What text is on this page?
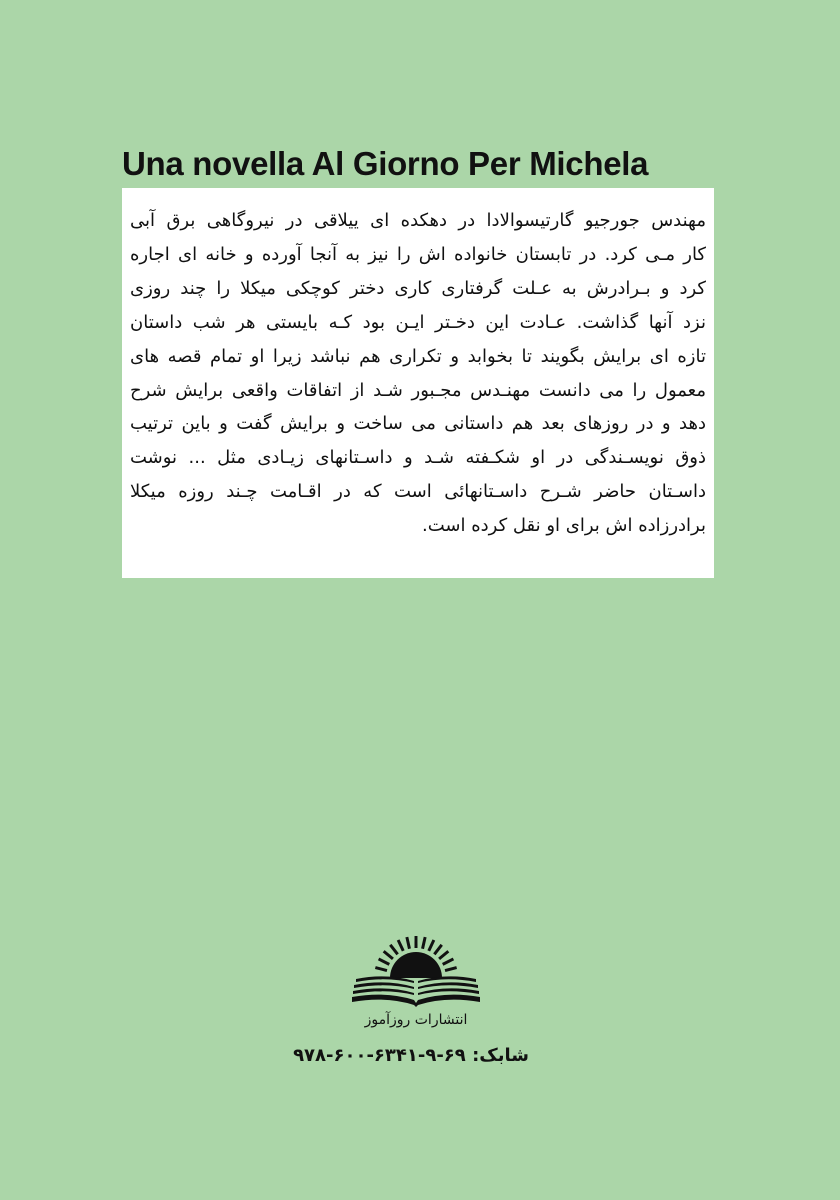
Una novella Al Giorno Per Michela
مهندس جورجیو گارتیسوالادا در دهکده ای ییلاقی در نیروگاهی برق آبی
کار مـی کرد. در تابستان خانواده اش را نیز به آنجا آورده و خانه ای اجاره
کرد و بـرادرش به عـلت گرفتاری کاری دختر کوچکی میکلا را چند روزی
نزد آنها گذاشت. عـادت این دخـتر ایـن بود کـه بایستی هر شب داستان
تازه ای برایش بگویند تا بخوابد و تکراری هم نباشد زیرا او تمام قصه های
معمول را می دانست مهنـدس مجـبور شـد از اتفاقات واقعی برایش شرح
دهد و در روزهای بعد هم داستانی می ساخت و برایش گفت و باین ترتیب
ذوق نویسـندگی در او شکـفته شـد و داسـتانهای زیـادی مثل ... نوشت
داسـتان حاضر شـرح داسـتانهائی است که در اقـامت چـند روزه میکلا
برادرزاده اش برای او نقل کرده است.
انتشارات روزآموز
شابک: ۹۷۸-۶۰۰-۶۳۴۱-۹-۶۹
